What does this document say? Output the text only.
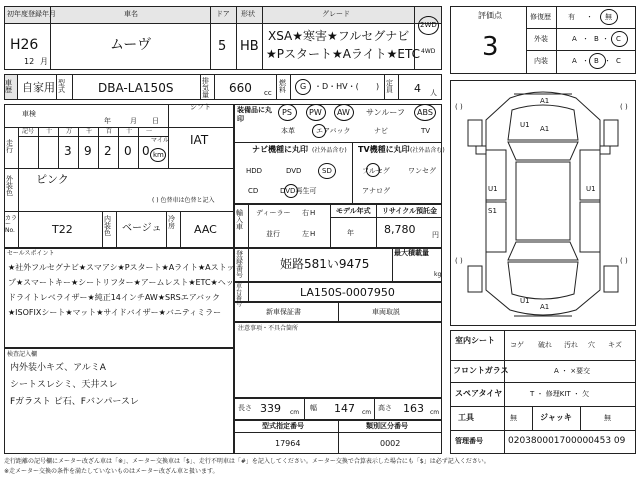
初年度登録年月
H26
12 月
車名
ムーヴ
ドア
5
形状
HB
グレード
XSA★寒害★フルセグナビ
★Pスタート★Aライト★ETC
2WD
4WD
車歴 自家用 型式	DBA-LA150S	排気量 660 cc
燃料	G ・D・HV・( ) 定員 4 人
車検
年	月 日
シフト
IAT
記号 十 万 千 百 十 一
走行	3 9 2 0 0
マイル
km
外装色
ピンク
( ) 色替車は色替と記入
カラーNo.	T22
内装色	ベージュ
冷房 AAC
装備品に丸印
PS PW AW サンルーフ ABS
本革	エアバック	ナビ	TV
ナビ機種に丸印 (社外品含む)
HDD	DVD	SD
CD	DVD再生可
TV機種に丸印 (社外品含む)
フルセグ	ワンセグ
アナログ
輸入車
ディーラー
並行
右 H
左 H
モデル年式
年
リサイクル預託金
8,780 円
セールスポイント
★社外フルセグナビ★スマアシ★Pスタート★Aライト★Aストッ
プ★スマートキー★シートリフター★アームレスト★ETC★ヘッ
ドライトレベライザー★純正14インチAW★SRSエアバック
★ISOFIXシート★マット★サイドバイザー★バニティミラー
検査記入欄
内外装小キズ、アルミA
シートスレシミ、天井スレ
Fガラスト ピ石、Fバンパースレ
登録番号
姫路581い9475
最大積載量
kg
車台番号
LA150S-0007950
新車保証書	車両取説
注意事項・不具合箇所
長さ 339 cm
幅 147 cm
高さ 163 cm
型式指定番号
17964
類別区分番号
0002
評価点
3
修復歴 有 ・ 無
外装	A ・ B ・ C
内装	A ・ B ・ C
( )	( )
( )	( )
A1
U1 A1
U1	U1
S1
U1
A1
室内シート	コゲ 破れ 汚れ 穴 キズ
フロントガラス	A ・ ×要交
スペアタイヤ	T ・ 修理KIT ・ 欠
工具	無	ジャッキ	無
管理番号	020380001700000453 09
走行距離の記号欄にメーター改ざん車は「※」、メーター交換車は「$」、走行不明車は「#」を記入してください。メーター交換で合算表示した場合にも「$」は必ず記入ください。
※走メーター交換の条件を満たしていないものはメーター改ざん車と扱います。
